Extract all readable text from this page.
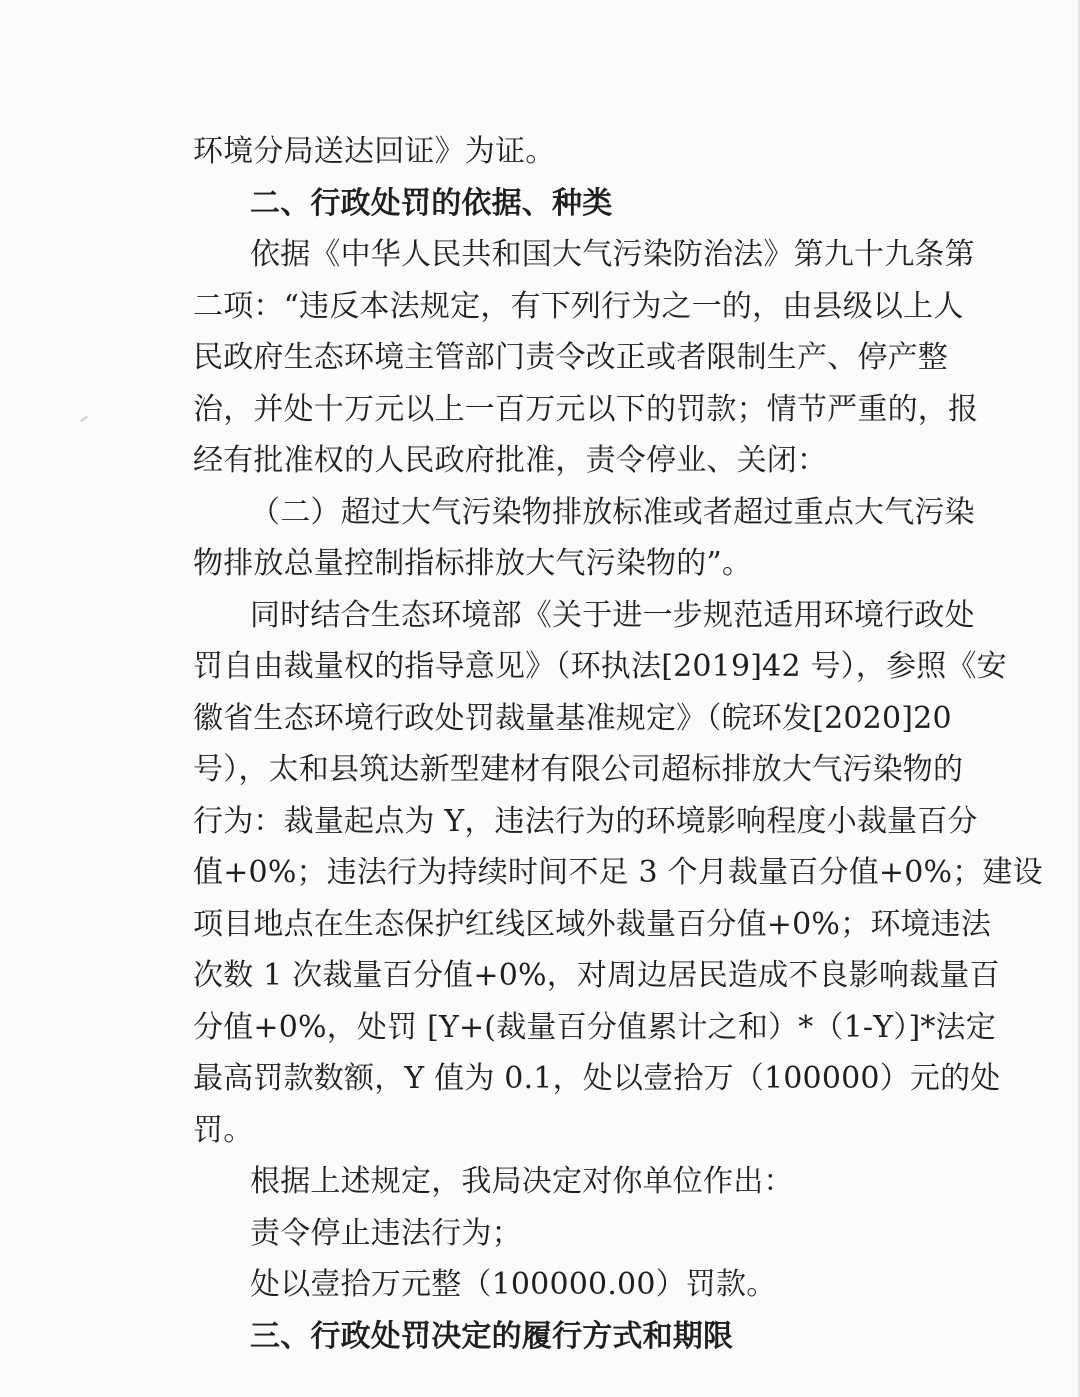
环境分局送达回证》为证。
二、行政处罚的依据、种类
依据《中华人民共和国大气污染防治法》第九十九条第
二项：“违反本法规定，有下列行为之一的，由县级以上人
民政府生态环境主管部门责令改正或者限制生产、停产整
治，并处十万元以上一百万元以下的罚款；情节严重的，报
经有批准权的人民政府批准，责令停业、关闭：
（二）超过大气污染物排放标准或者超过重点大气污染
物排放总量控制指标排放大气污染物的”。
同时结合生态环境部《关于进一步规范适用环境行政处
罚自由裁量权的指导意见》（环执法[2019]42 号），参照《安
徽省生态环境行政处罚裁量基准规定》（皖环发[2020]20
号），太和县筑达新型建材有限公司超标排放大气污染物的
行为：裁量起点为 Y，违法行为的环境影响程度小裁量百分
值+0%；违法行为持续时间不足 3 个月裁量百分值+0%；建设
项目地点在生态保护红线区域外裁量百分值+0%；环境违法
次数 1 次裁量百分值+0%，对周边居民造成不良影响裁量百
分值+0%，处罚 [Y+(裁量百分值累计之和）*（1-Y）]*法定
最高罚款数额，Y 值为 0.1，处以壹拾万（100000）元的处
罚。
根据上述规定，我局决定对你单位作出：
责令停止违法行为；
处以壹拾万元整（100000.00）罚款。
三、行政处罚决定的履行方式和期限
